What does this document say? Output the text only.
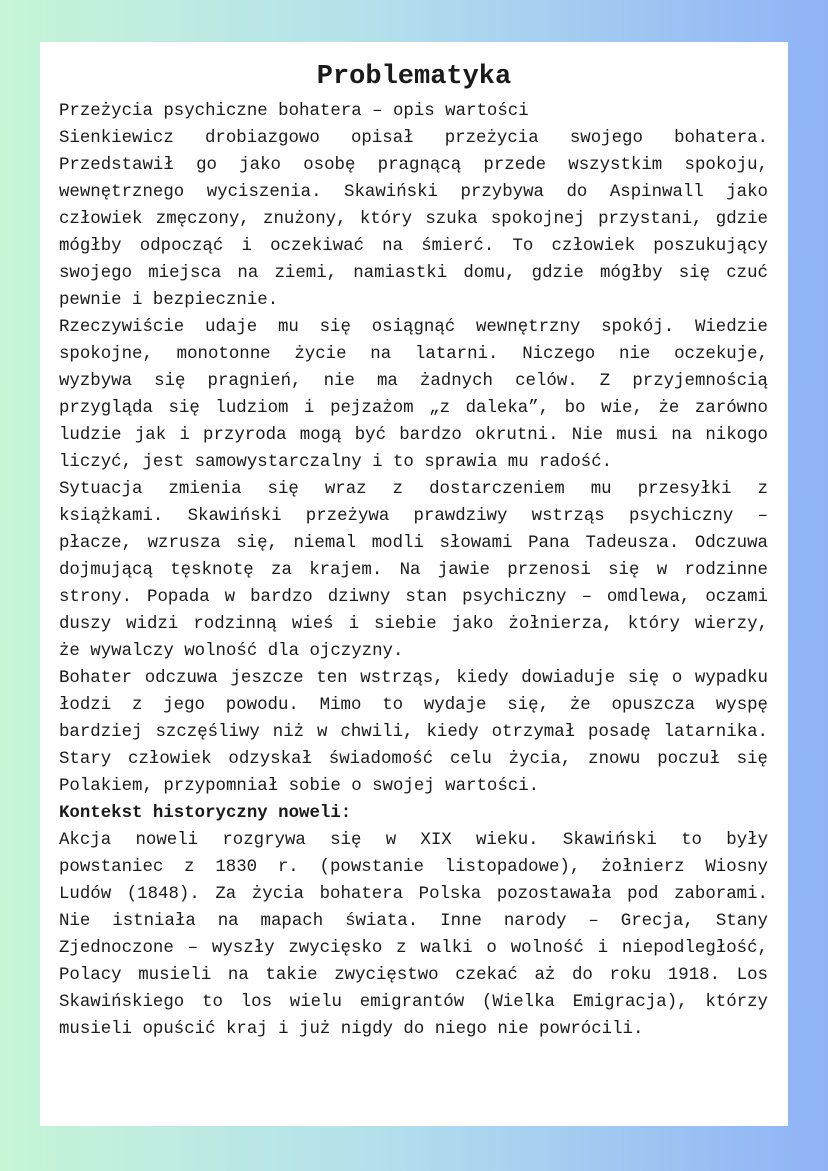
Problematyka
Przeżycia psychiczne bohatera – opis wartości
Sienkiewicz drobiazgowo opisał przeżycia swojego bohatera.
Przedstawił go jako osobę pragnącą przede wszystkim spokoju,
wewnętrznego wyciszenia. Skawiński przybywa do Aspinwall jako
człowiek zmęczony, znużony, który szuka spokojnej przystani, gdzie
mógłby odpocząć i oczekiwać na śmierć. To człowiek poszukujący
swojego miejsca na ziemi, namiastki domu, gdzie mógłby się czuć
pewnie i bezpiecznie.
Rzeczywiście udaje mu się osiągnąć wewnętrzny spokój. Wiedzie
spokojne, monotonne życie na latarni. Niczego nie oczekuje,
wyzbywa się pragnień, nie ma żadnych celów. Z przyjemnością
przygląda się ludziom i pejzażom „z daleka”, bo wie, że zarówno
ludzie jak i przyroda mogą być bardzo okrutni. Nie musi na nikogo
liczyć, jest samowystarczalny i to sprawia mu radość.
Sytuacja zmienia się wraz z dostarczeniem mu przesyłki z
książkami. Skawiński przeżywa prawdziwy wstrząs psychiczny –
płacze, wzrusza się, niemal modli słowami Pana Tadeusza. Odczuwa
dojmującą tęsknotę za krajem. Na jawie przenosi się w rodzinne
strony. Popada w bardzo dziwny stan psychiczny – omdlewa, oczami
duszy widzi rodzinną wieś i siebie jako żołnierza, który wierzy,
że wywalczy wolność dla ojczyzny.
Bohater odczuwa jeszcze ten wstrząs, kiedy dowiaduje się o wypadku
łodzi z jego powodu. Mimo to wydaje się, że opuszcza wyspę
bardziej szczęśliwy niż w chwili, kiedy otrzymał posadę latarnika.
Stary człowiek odzyskał świadomość celu życia, znowu poczuł się
Polakiem, przypomniał sobie o swojej wartości.
Kontekst historyczny noweli:
Akcja noweli rozgrywa się w XIX wieku. Skawiński to były
powstaniec z 1830 r. (powstanie listopadowe), żołnierz Wiosny
Ludów (1848). Za życia bohatera Polska pozostawała pod zaborami.
Nie istniała na mapach świata. Inne narody – Grecja, Stany
Zjednoczone – wyszły zwycięsko z walki o wolność i niepodległość,
Polacy musieli na takie zwycięstwo czekać aż do roku 1918. Los
Skawińskiego to los wielu emigrantów (Wielka Emigracja), którzy
musieli opuścić kraj i już nigdy do niego nie powrócili.
